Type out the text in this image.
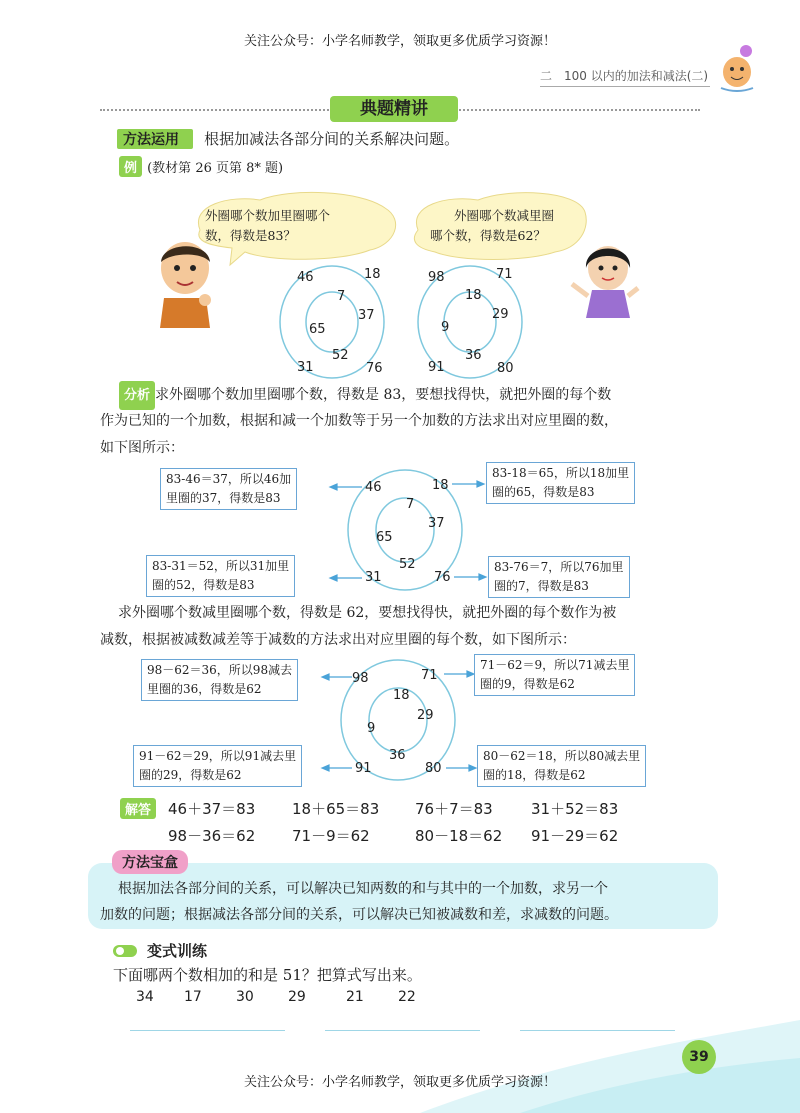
关注公众号：小学名师教学，领取更多优质学习资源！
二　100 以内的加法和减法(二)
典题精讲
方法运用 根据加减法各部分间的关系解决问题。
例 (教材第 26 页第 8* 题)
外圈哪个数加里圈哪个
数，得数是83？
外圈哪个数减里圈
哪个数，得数是62？
46	18
31	76
7
37
65
52
98	71
91	80
18
29
9
36
分析 求外圈哪个数加里圈哪个数，得数是 83，要想找得快，就把外圈的每个数
作为已知的一个加数，根据和减一个加数等于另一个加数的方法求出对应里圈的数，
如下图所示：
83-46＝37，所以46加
里圈的37，得数是83
83-18＝65，所以18加里
圈的65，得数是83
83-31＝52，所以31加里
圈的52，得数是83
83-76＝7，所以76加里
圈的7，得数是83
46	18
31	76
7
37
65
52
求外圈哪个数减里圈哪个数，得数是 62，要想找得快，就把外圈的每个数作为被
减数，根据被减数减差等于减数的方法求出对应里圈的每个数，如下图所示：
98－62＝36，所以98减去
里圈的36，得数是62
71－62＝9，所以71减去里
圈的9，得数是62
91－62＝29，所以91减去里
圈的29，得数是62
80－62＝18，所以80减去里
圈的18，得数是62
98	71
91	80
18
29
9
36
解答	46＋37＝83 18＋65＝83 76＋7＝83	31＋52＝83
98－36＝62 71－9＝62	80－18＝62 91－29＝62
方法宝盒
根据加法各部分间的关系，可以解决已知两数的和与其中的一个加数，求另一个
加数的问题；根据减法各部分间的关系，可以解决已知被减数和差，求减数的问题。
变式训练
下面哪两个数相加的和是 51？把算式写出来。
34 17 30 29	21 22
39
关注公众号：小学名师教学，领取更多优质学习资源！
